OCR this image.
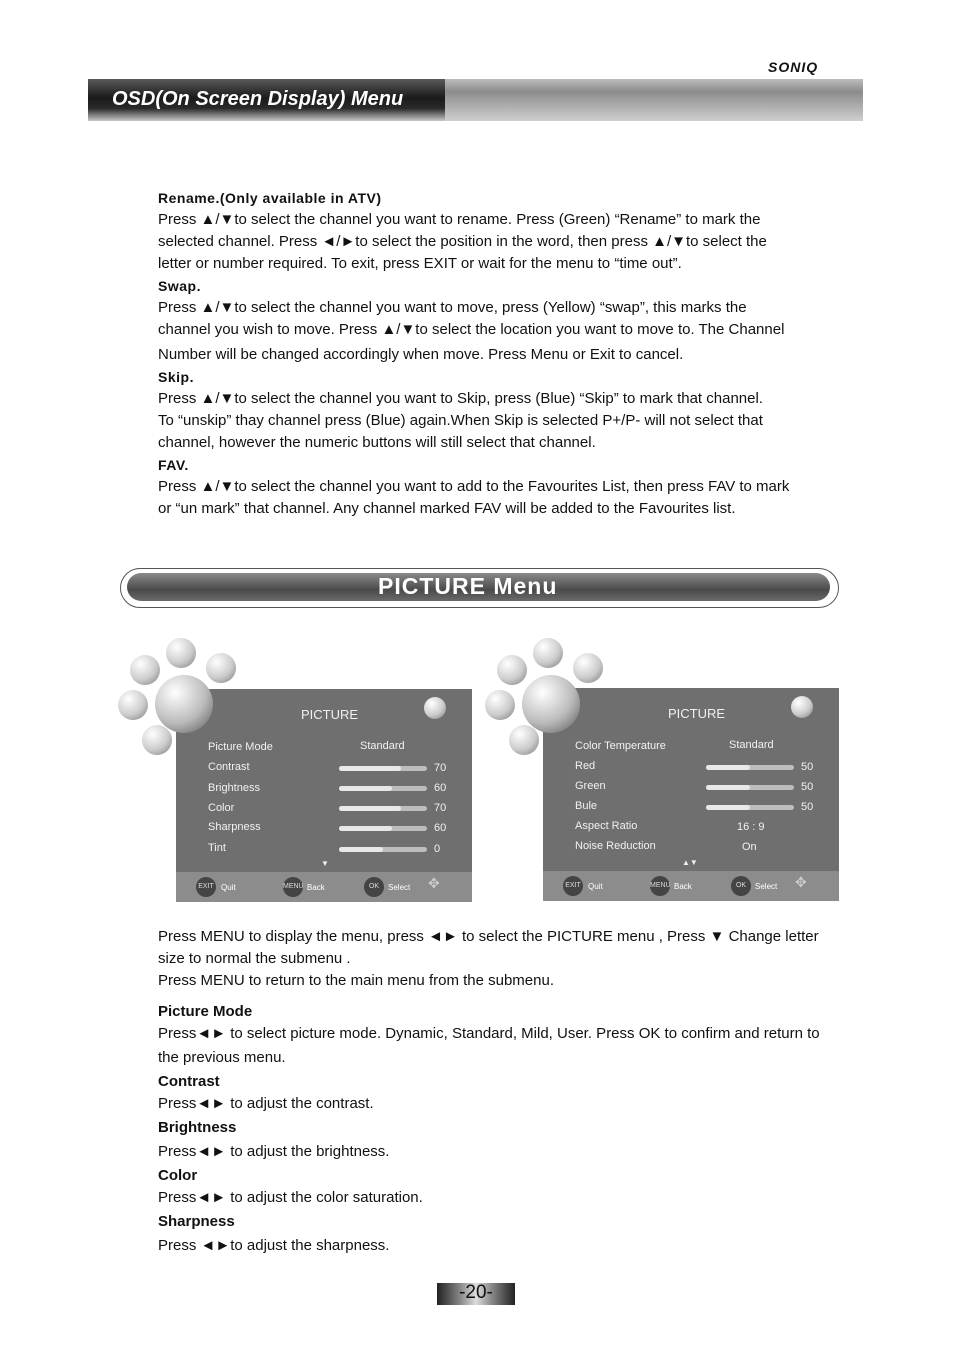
SONIQ
OSD(On Screen Display) Menu
Rename.(Only available in ATV)
Press ▲/▼to select the channel you want to rename. Press (Green) “Rename” to mark the
selected channel. Press ◄/►to select the position in the word, then press ▲/▼to select the
letter or number required. To exit, press EXIT or wait for the menu to “time out”.
Swap.
Press ▲/▼to select the channel you want to move, press (Yellow) “swap”, this marks the
channel you wish to move. Press ▲/▼to select the location you want to move to. The Channel
Number will be changed accordingly when move. Press Menu or Exit to cancel.
Skip.
Press ▲/▼to select the channel you want to Skip, press (Blue) “Skip” to mark that channel.
To “unskip” thay channel press (Blue) again.When Skip is selected P+/P- will not select that
channel, however the numeric buttons will still select that channel.
FAV.
Press ▲/▼to select the channel you want to add to the Favourites List, then press FAV to mark
or “un mark” that channel. Any channel marked FAV will be added to the Favourites list.
PICTURE Menu
PICTURE
Picture Mode	Standard
Contrast	70
Brightness	60
Color	70
Sharpness	60
Tint	0
▼
EXIT Quit	MENU Back	OK	Select ✥
PICTURE
Color Temperature	Standard
Red	50
Green	50
Bule	50
Aspect Ratio	16 : 9
Noise Reduction	On
▲▼
EXIT Quit	MENU Back	OK	Select ✥
Press MENU to display the menu, press ◄► to select the PICTURE menu , Press ▼ Change letter
size to normal the submenu .
Press MENU to return to the main menu from the submenu.
Picture Mode
Press◄► to select picture mode. Dynamic, Standard, Mild, User. Press OK to confirm and return to
the previous menu.
Contrast
Press◄► to adjust the contrast.
Brightness
Press◄► to adjust the brightness.
Color
Press◄► to adjust the color saturation.
Sharpness
Press ◄►to adjust the sharpness.
-20-
